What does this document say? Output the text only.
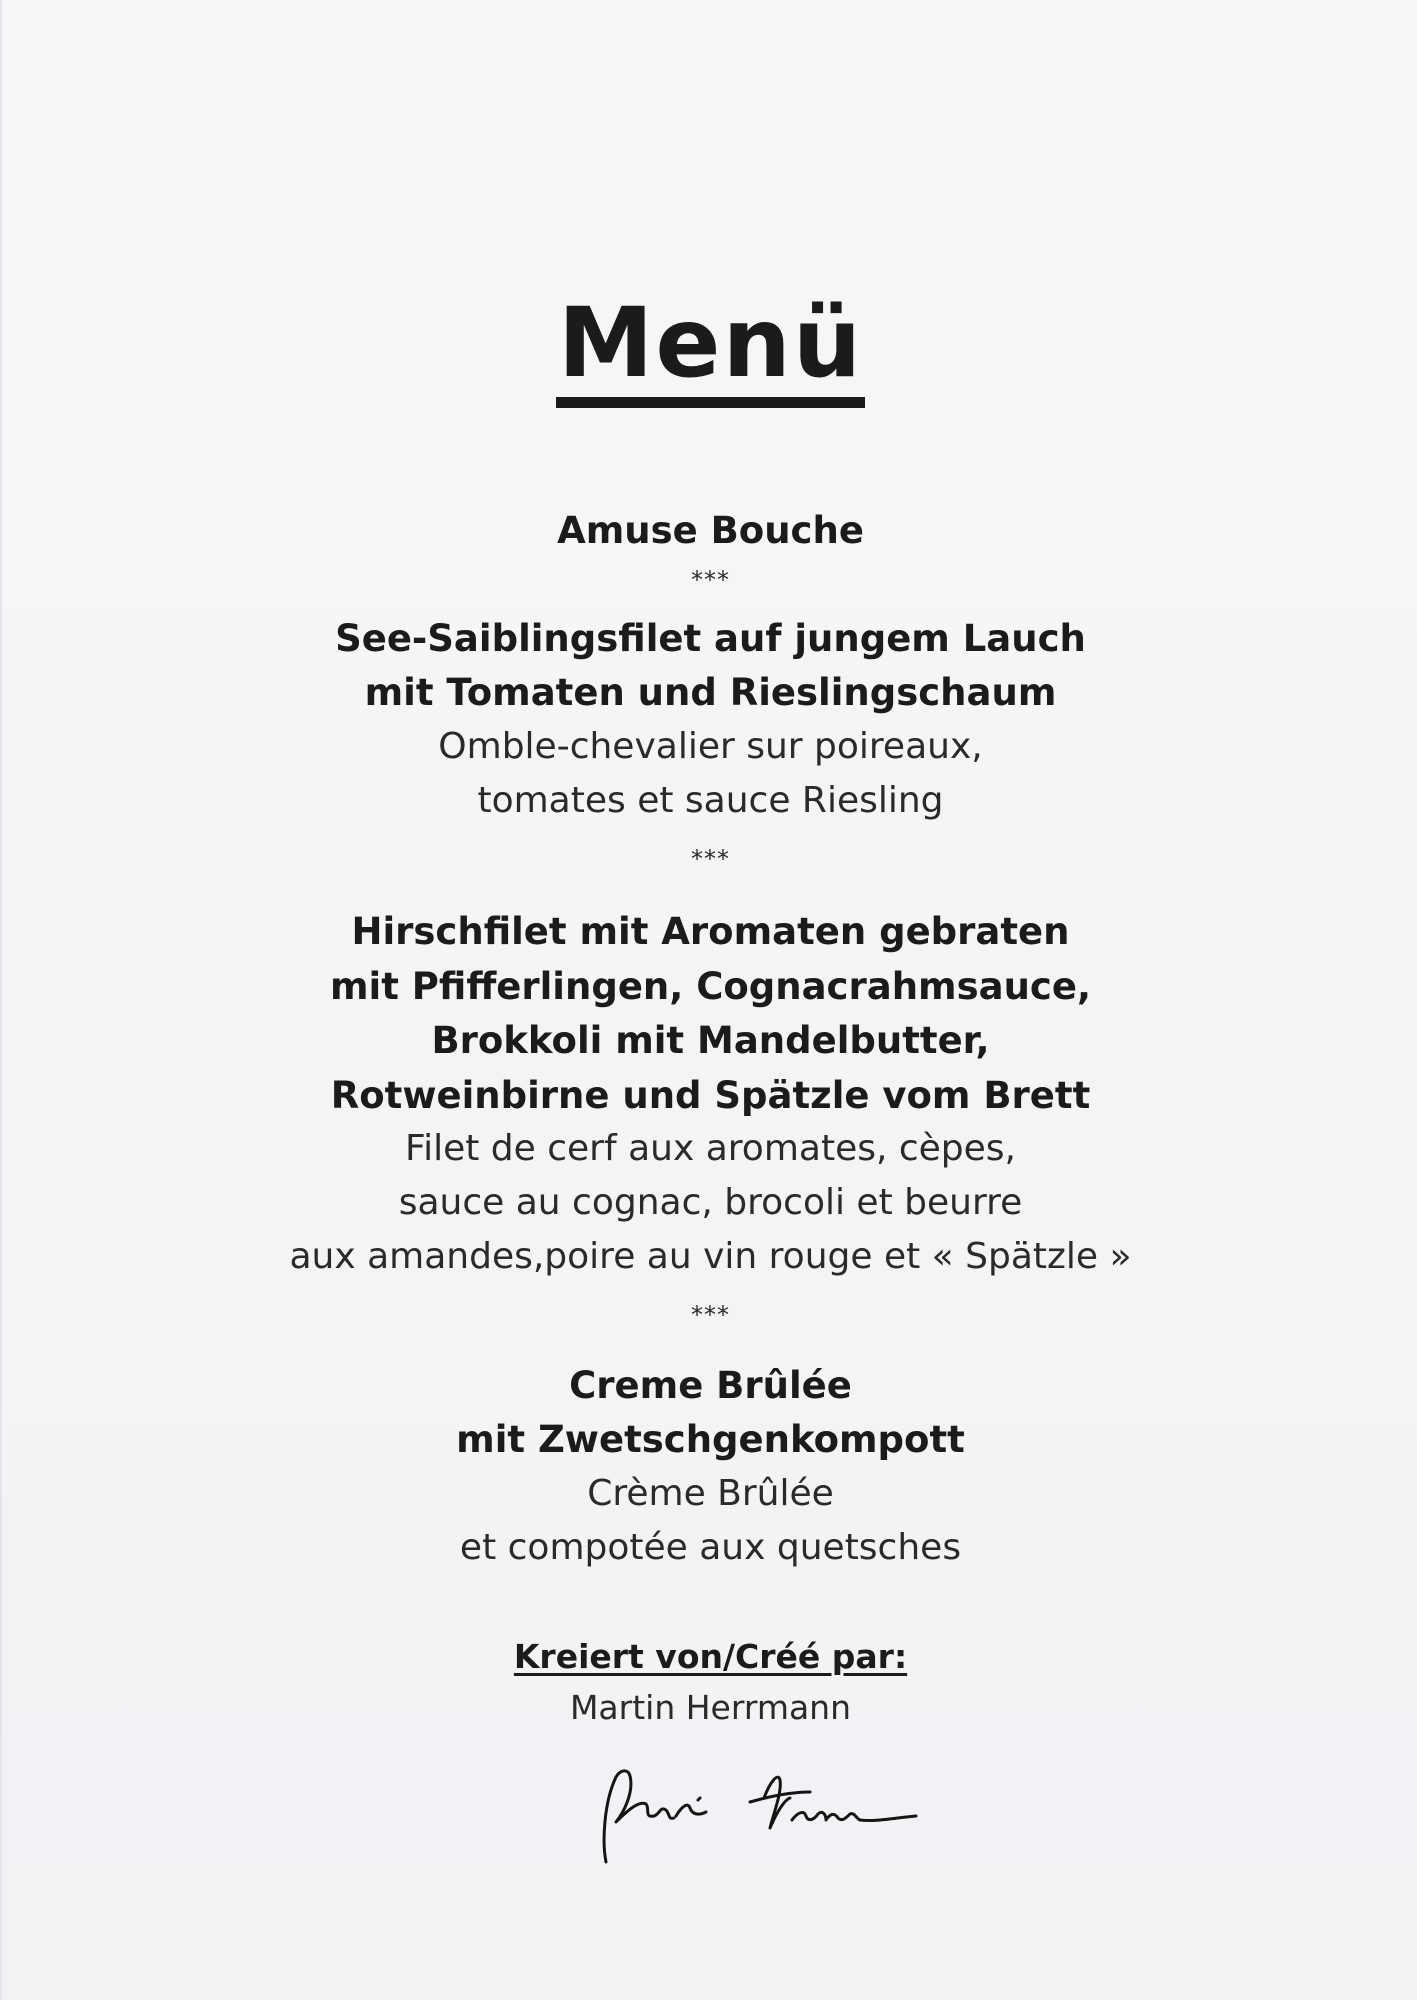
Menü
Amuse Bouche
***
See-Saiblingsfilet auf jungem Lauch
mit Tomaten und Rieslingschaum
Omble-chevalier sur poireaux,
tomates et sauce Riesling
***
Hirschfilet mit Aromaten gebraten
mit Pfifferlingen, Cognacrahmsauce,
Brokkoli mit Mandelbutter,
Rotweinbirne und Spätzle vom Brett
Filet de cerf aux aromates, cèpes,
sauce au cognac, brocoli et beurre
aux amandes,poire au vin rouge et « Spätzle »
***
Creme Brûlée
mit Zwetschgenkompott
Crème Brûlée
et compotée aux quetsches
Kreiert von/Créé par:
Martin Herrmann
